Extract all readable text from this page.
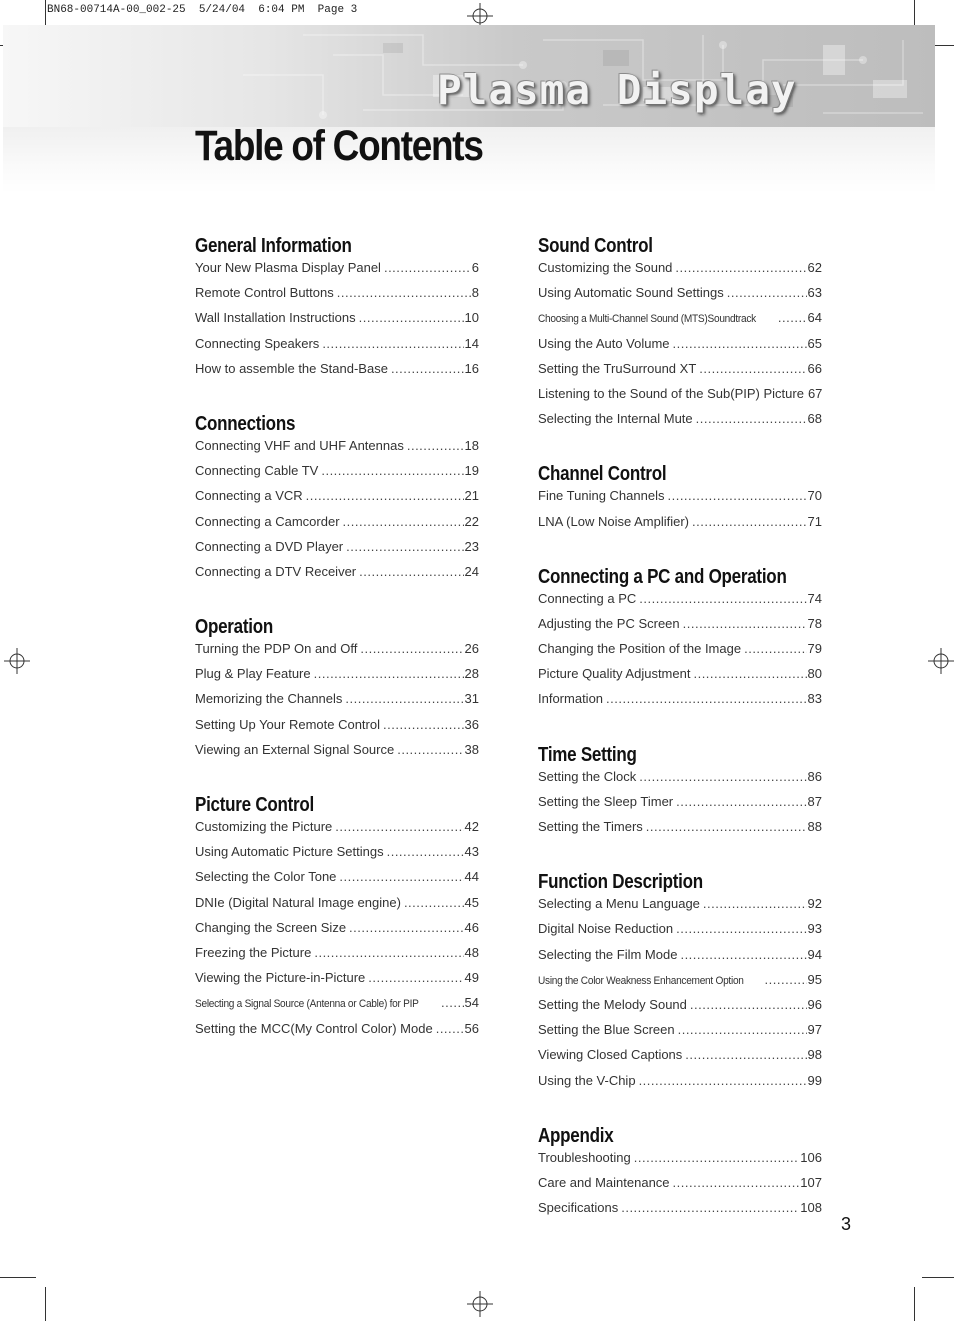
BN68-00714A-00_002-25  5/24/04  6:04 PM  Page 3
Plasma Display
Table of Contents
General Information
Your New Plasma Display Panel .....	6
Remote Control Buttons .....	8
Wall Installation Instructions .....	10
Connecting Speakers .....	14
How to assemble the Stand-Base .....	16
Connections
Connecting VHF and UHF Antennas .....	18
Connecting Cable TV .....	19
Connecting a VCR .....	21
Connecting a Camcorder .....	22
Connecting a DVD Player .....	23
Connecting a DTV Receiver .....	24
Operation
Turning the PDP On and Off .....	26
Plug & Play Feature .....	28
Memorizing the Channels .....	31
Setting Up Your Remote Control .....	36
Viewing an External Signal Source .....	38
Picture Control
Customizing the Picture .....	42
Using Automatic Picture Settings .....	43
Selecting the Color Tone .....	44
DNIe (Digital Natural Image engine) .....	45
Changing the Screen Size .....	46
Freezing the Picture .....	48
Viewing the Picture-in-Picture .....	49
Selecting a Signal Source (Antenna or Cable) for PIP .....	54
Setting the MCC(My Control Color) Mode ..... 56
Sound Control
Customizing the Sound .....	62
Using Automatic Sound Settings .....	63
Choosing a Multi-Channel Sound (MTS)Soundtrack .....	64
Using the Auto Volume .....	65
Setting the TruSurround XT .....	66
Listening to the Sound of the Sub(PIP) Picture 67
Selecting the Internal Mute .....	68
Channel Control
Fine Tuning Channels .....	70
LNA (Low Noise Amplifier) .....	71
Connecting a PC and Operation
Connecting a PC .....	74
Adjusting the PC Screen .....	78
Changing the Position of the Image .....	79
Picture Quality Adjustment .....	80
Information .....	83
Time Setting
Setting the Clock .....	86
Setting the Sleep Timer .....	87
Setting the Timers .....	88
Function Description
Selecting a Menu Language .....	92
Digital Noise Reduction .....	93
Selecting the Film Mode .....	94
Using the Color Weakness Enhancement Option .....	95
Setting the Melody Sound .....	96
Setting the Blue Screen .....	97
Viewing Closed Captions .....	98
Using the V-Chip .....	99
Appendix
Troubleshooting .....	106
Care and Maintenance .....	107
Specifications .....	108
3
